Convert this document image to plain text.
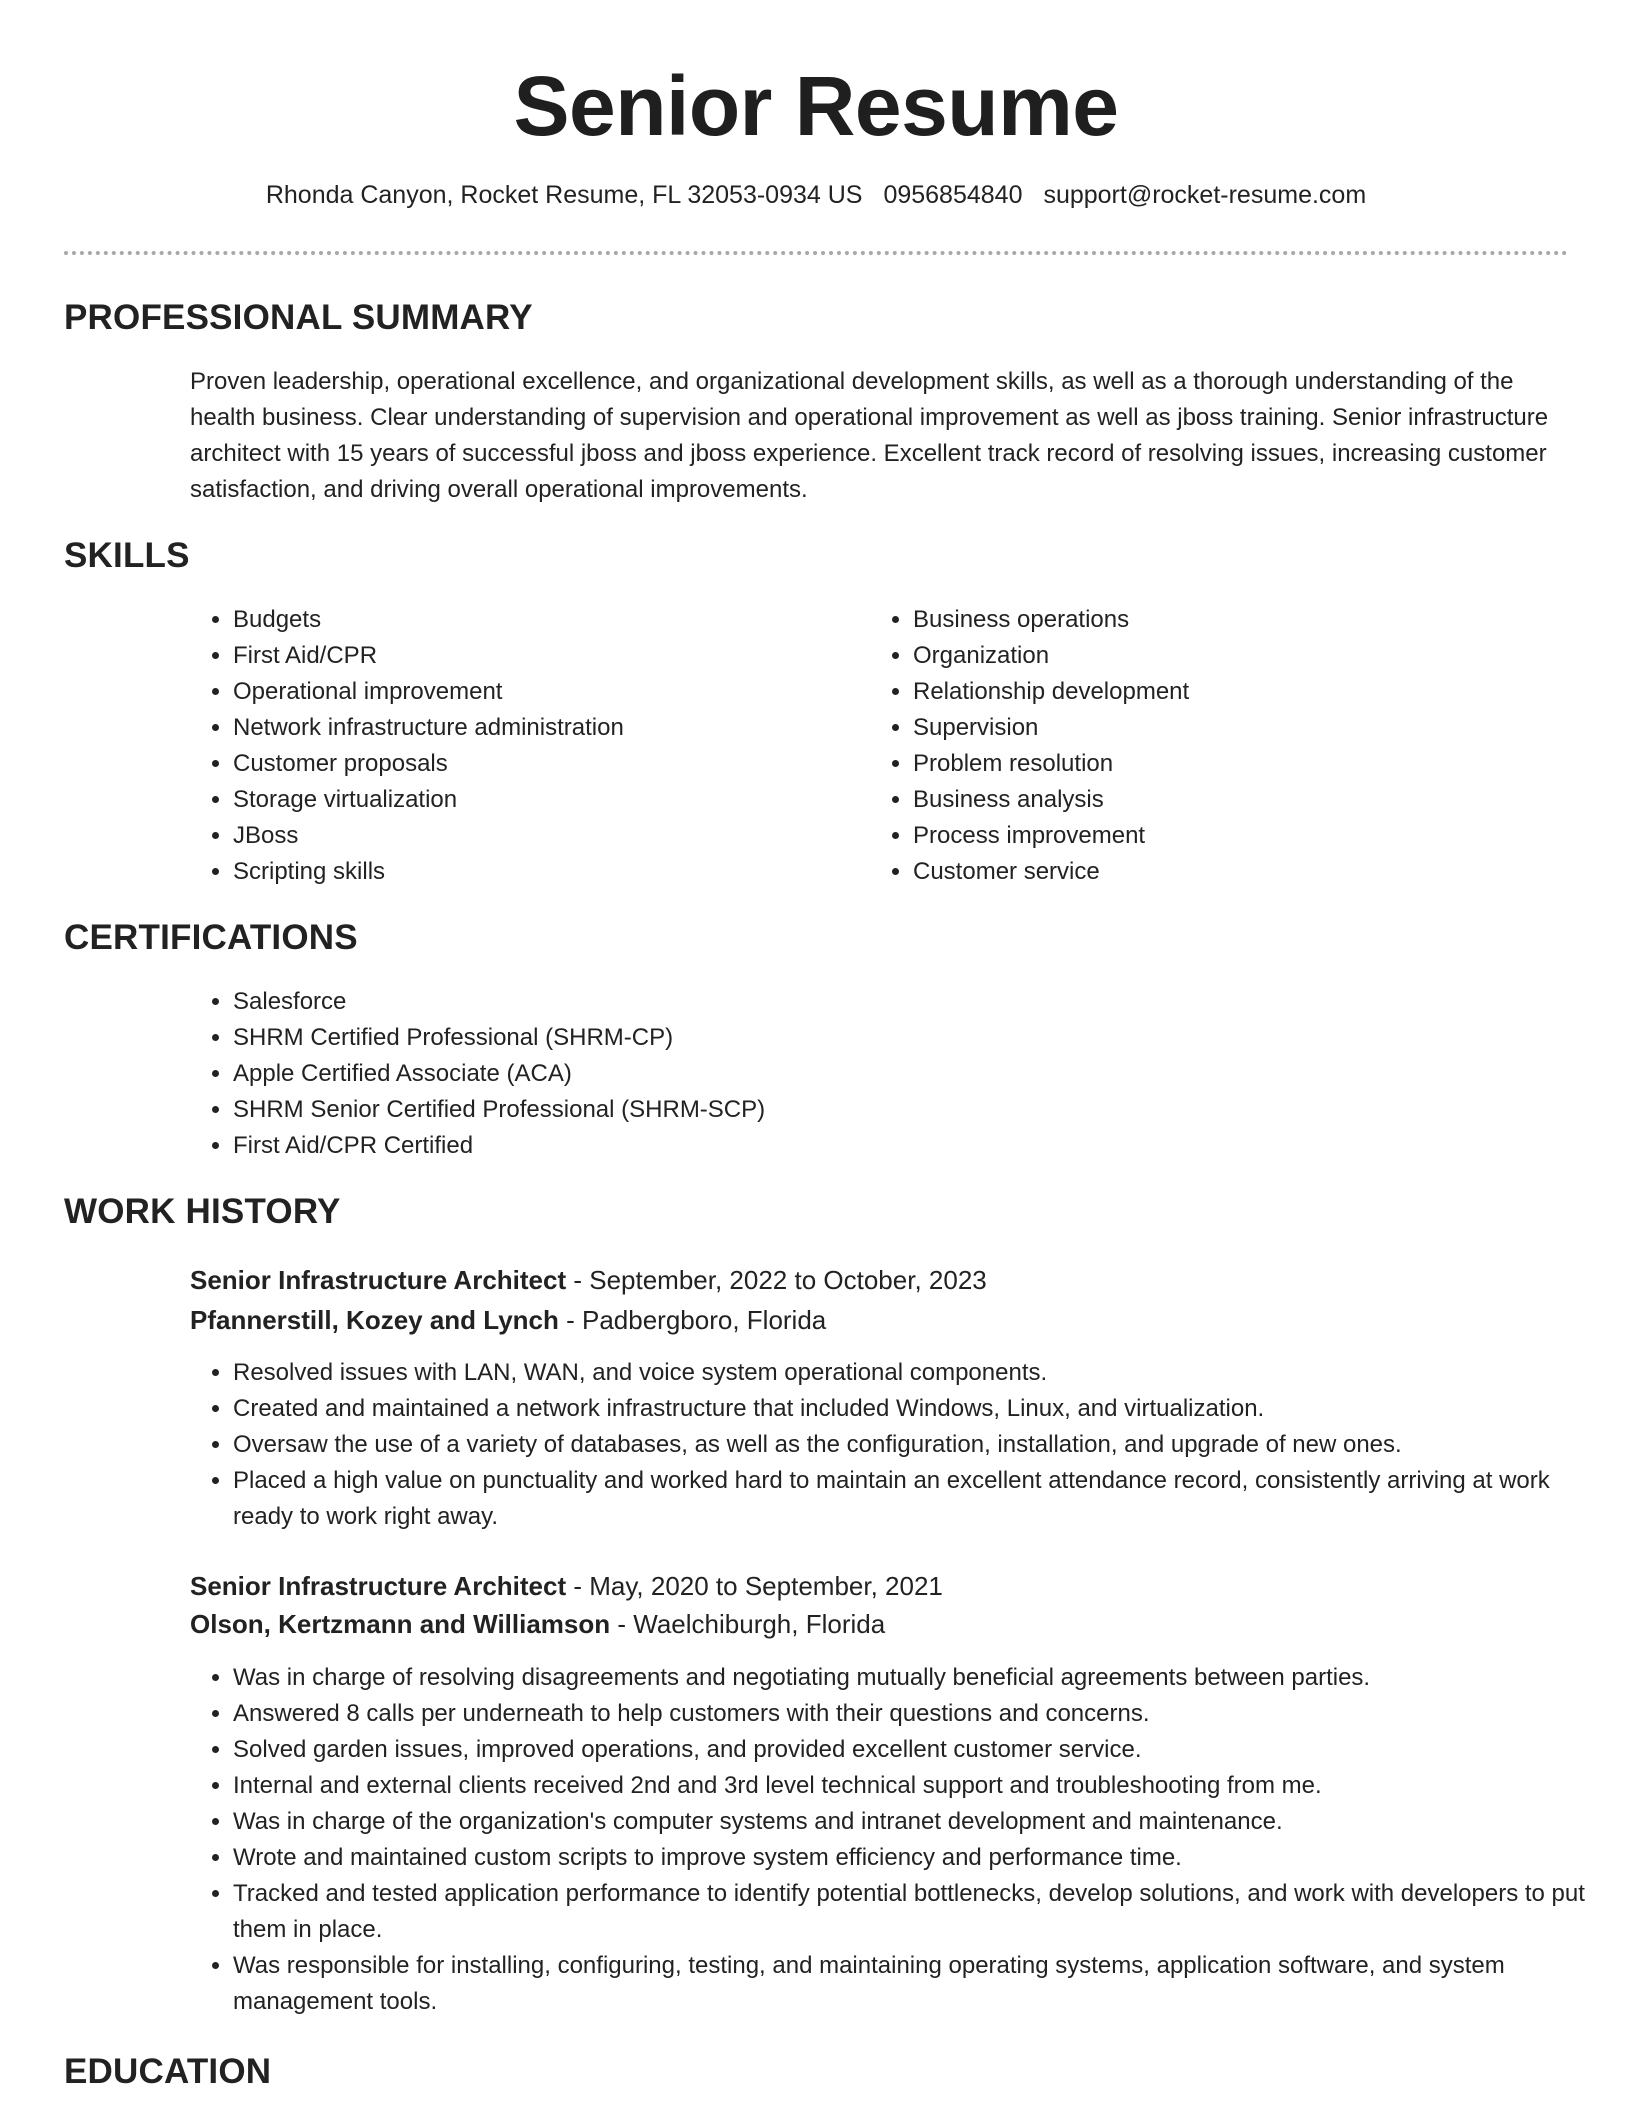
Senior Resume
Rhonda Canyon, Rocket Resume, FL 32053-0934 US 0956854840 support@rocket-resume.com
PROFESSIONAL SUMMARY

Proven leadership, operational excellence, and organizational development skills, as well as a thorough understanding of the health business. Clear understanding of supervision and operational improvement as well as jboss training. Senior infrastructure architect with 15 years of successful jboss and jboss experience. Excellent track record of resolving issues, increasing customer satisfaction, and driving overall operational improvements.

SKILLS
• Budgets
• First Aid/CPR
• Operational improvement
• Network infrastructure administration
• Customer proposals
• Storage virtualization
• JBoss
• Scripting skills
• Business operations
• Organization
• Relationship development
• Supervision
• Problem resolution
• Business analysis
• Process improvement
• Customer service
CERTIFICATIONS
• Salesforce
• SHRM Certified Professional (SHRM-CP)
• Apple Certified Associate (ACA)
• SHRM Senior Certified Professional (SHRM-SCP)
• First Aid/CPR Certified
WORK HISTORY

Senior Infrastructure Architect - September, 2022 to October, 2023

Pfannerstill, Kozey and Lynch - Padbergboro, Florida

• Resolved issues with LAN, WAN, and voice system operational components.
• Created and maintained a network infrastructure that included Windows, Linux, and virtualization.
• Oversaw the use of a variety of databases, as well as the configuration, installation, and upgrade of new ones.
• Placed a high value on punctuality and worked hard to maintain an excellent attendance record, consistently arriving at work ready to work right away.

Senior Infrastructure Architect - May, 2020 to September, 2021

Olson, Kertzmann and Williamson - Waelchiburgh, Florida

• Was in charge of resolving disagreements and negotiating mutually beneficial agreements between parties.
• Answered 8 calls per underneath to help customers with their questions and concerns.
• Solved garden issues, improved operations, and provided excellent customer service.
• Internal and external clients received 2nd and 3rd level technical support and troubleshooting from me.
• Was in charge of the organization's computer systems and intranet development and maintenance.
• Wrote and maintained custom scripts to improve system efficiency and performance time.
• Tracked and tested application performance to identify potential bottlenecks, develop solutions, and work with developers to put them in place.
• Was responsible for installing, configuring, testing, and maintaining operating systems, application software, and system management tools.
EDUCATION
